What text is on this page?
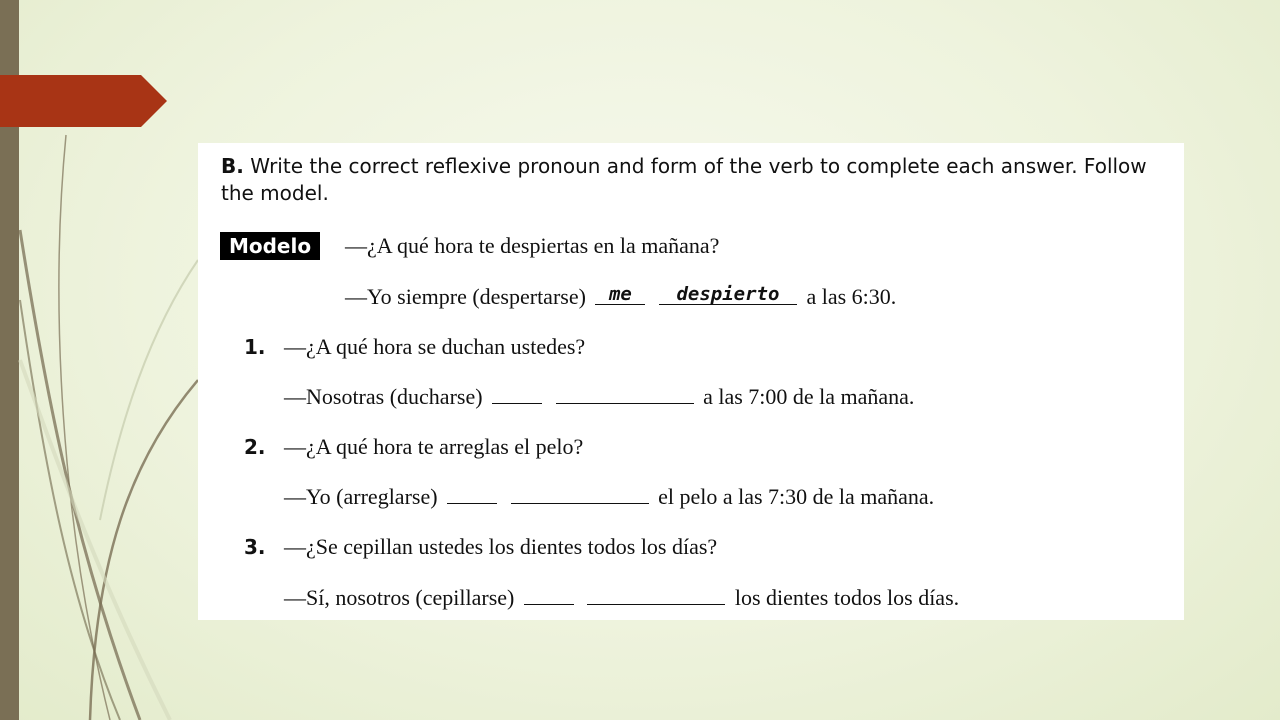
B. Write the correct reflexive pronoun and form of the verb to complete each answer. Follow the model.
Modelo	—¿A qué hora te despiertas en la mañana?
—Yo siempre (despertarse) me despierto a las 6:30.
1. —¿A qué hora se duchan ustedes?
—Nosotras (ducharse)	a las 7:00 de la mañana.
2. —¿A qué hora te arreglas el pelo?
—Yo (arreglarse)	el pelo a las 7:30 de la mañana.
3. —¿Se cepillan ustedes los dientes todos los días?
—Sí, nosotros (cepillarse)	los dientes todos los días.
